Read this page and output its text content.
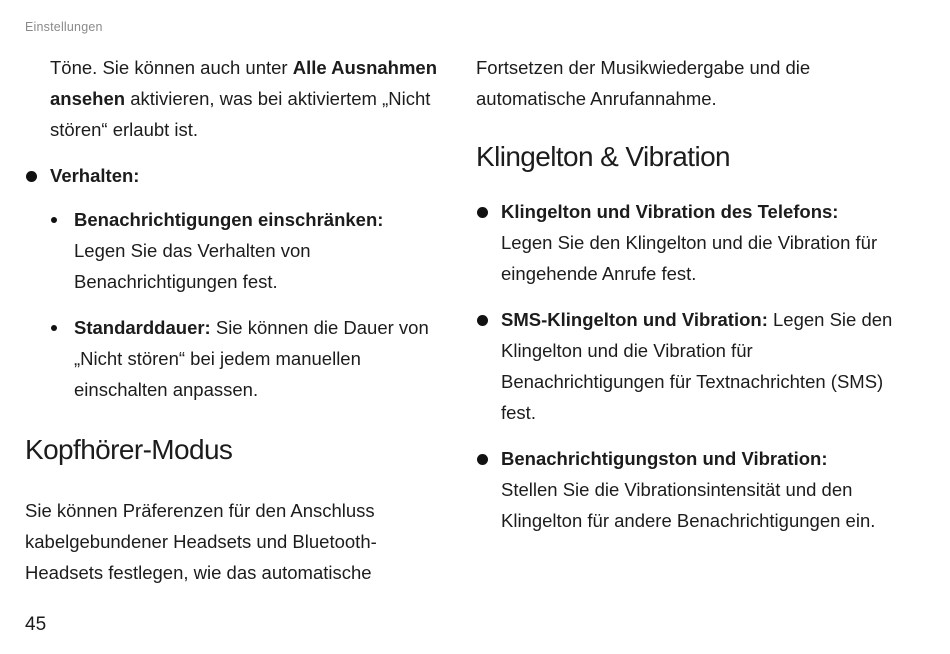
Einstellungen

Töne. Sie können auch unter Alle Ausnahmen ansehen aktivieren, was bei aktiviertem „Nicht stören“ erlaubt ist.

Verhalten:

Benachrichtigungen einschränken:
Legen Sie das Verhalten von Benachrichtigungen fest.

Standarddauer: Sie können die Dauer von „Nicht stören“ bei jedem manuellen einschalten anpassen.

Kopfhörer-Modus

Sie können Präferenzen für den Anschluss kabelgebundener Headsets und Bluetooth-Headsets festlegen, wie das automatische

Fortsetzen der Musikwiedergabe und die automatische Anrufannahme.

Klingelton & Vibration

Klingelton und Vibration des Telefons:
Legen Sie den Klingelton und die Vibration für eingehende Anrufe fest.

SMS-Klingelton und Vibration: Legen Sie den Klingelton und die Vibration für Benachrichtigungen für Textnachrichten (SMS) fest.

Benachrichtigungston und Vibration:
Stellen Sie die Vibrationsintensität und den Klingelton für andere Benachrichtigungen ein.

45
